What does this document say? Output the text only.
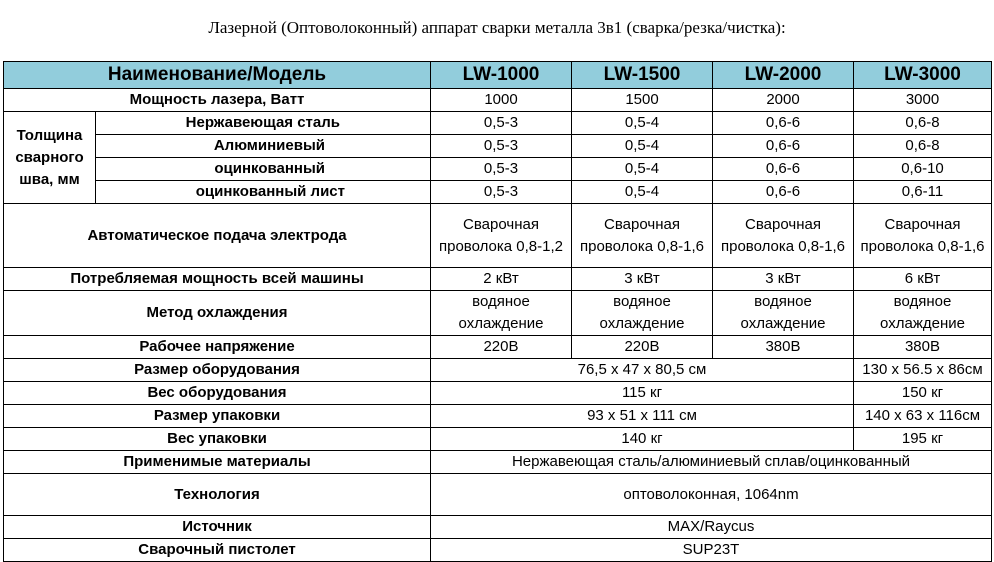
Лазерной (Оптоволоконный) аппарат сварки металла 3в1 (сварка/резка/чистка):
Наименование/Модель		LW-1000	LW-1500	LW-2000	LW-3000
Мощность лазера, Ватт		1000	1500	2000	3000
Толщина сварного шва, мм	Нержавеющая сталь	0,5-3	0,5-4	0,6-6	0,6-8
	Алюминиевый	0,5-3	0,5-4	0,6-6	0,6-8
	оцинкованный	0,5-3	0,5-4	0,6-6	0,6-10
	оцинкованный лист	0,5-3	0,5-4	0,6-6	0,6-11
Автоматическое подача электрода		Сварочная проволока 0,8-1,2	Сварочная проволока 0,8-1,6	Сварочная проволока 0,8-1,6	Сварочная проволока 0,8-1,6
Потребляемая мощность всей машины		2 кВт	3 кВт	3 кВт	6 кВт
Метод охлаждения		водяное охлаждение	водяное охлаждение	водяное охлаждение	водяное охлаждение
Рабочее напряжение		220В	220В	380В	380В
Размер оборудования		76,5 х 47 х 80,5 см			130 х 56.5 х 86см
Вес оборудования		115 кг			150 кг
Размер упаковки		93 х 51 х 111 см			140 х 63 х 116см
Вес упаковки		140 кг			195 кг
Применимые материалы		Нержавеющая сталь/алюминиевый сплав/оцинкованный			
Технология		оптоволоконная, 1064nm			
Источник		MAX/Raycus			
Сварочный пистолет		SUP23T			
